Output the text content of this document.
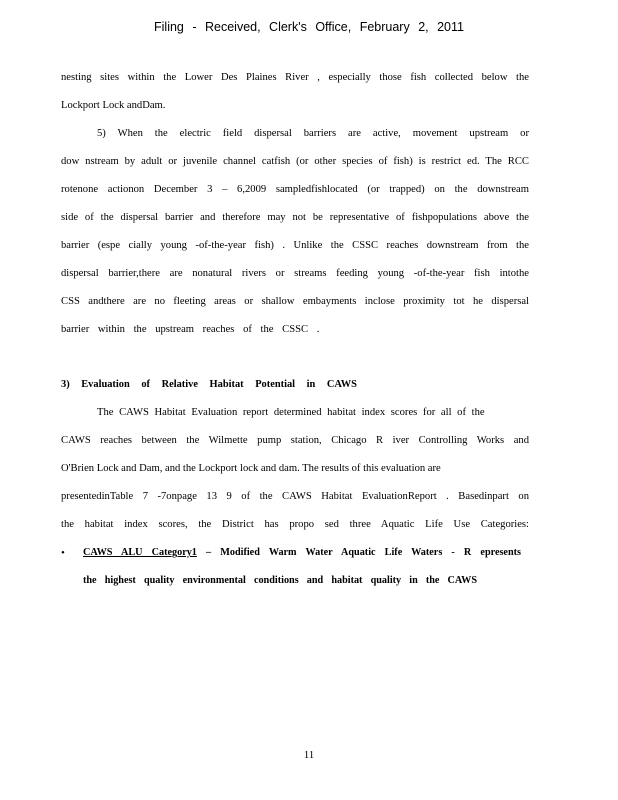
Filing - Received, Clerk's Office, February 2, 2011
nesting sites within the Lower Des Plaines River , especially those fish collected below the
Lockport Lock andDam.
5) When the electric field dispersal barriers are active, movement upstream or
dow nstream by adult or juvenile channel catfish (or other species of fish) is restrict ed. The RCC
rotenone actionon December 3 – 6,2009 sampledfishlocated (or trapped) on the downstream
side of the dispersal barrier and therefore may not be representative of fishpopulations above the
barrier (espe cially young -of-the-year fish) . Unlike the CSSC reaches downstream from the
dispersal barrier,there are nonatural rivers or streams feeding young -of-the-year fish intothe
CSS andthere are no fleeting areas or shallow embayments inclose proximity tot he dispersal
barrier within the upstream reaches of the CSSC .
3) Evaluation of Relative Habitat Potential in CAWS
The CAWS Habitat Evaluation report determined habitat index scores for all of the
CAWS reaches between the Wilmette pump station, Chicago R iver Controlling Works and
O'Brien Lock and Dam, and the Lockport lock and dam. The results of this evaluation are
presentedinTable 7 -7onpage 13 9 of the CAWS Habitat EvaluationReport . Basedinpart on
the habitat index scores, the District has propo sed three Aquatic Life Use Categories:
• CAWS ALU Category1 – Modified Warm Water Aquatic Life Waters - R epresents
the highest quality environmental conditions and habitat quality in the CAWS
11
